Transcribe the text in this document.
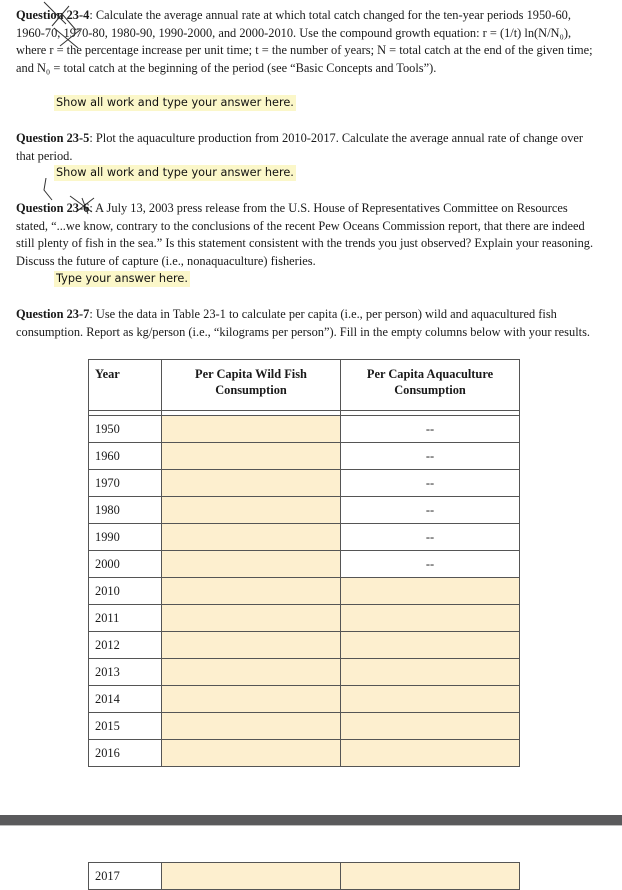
Question 23-4: Calculate the average annual rate at which total catch changed for the ten-year periods 1950-60, 1960-70, 1970-80, 1980-90, 1990-2000, and 2000-2010. Use the compound growth equation: r = (1/t) ln(N/N₀), where r = the percentage increase per unit time; t = the number of years; N = total catch at the end of the given time; and N₀ = total catch at the beginning of the period (see “Basic Concepts and Tools”).
Show all work and type your answer here.
Question 23-5: Plot the aquaculture production from 2010-2017. Calculate the average annual rate of change over that period.
Show all work and type your answer here.
Question 23-6: A July 13, 2003 press release from the U.S. House of Representatives Committee on Resources stated, “...we know, contrary to the conclusions of the recent Pew Oceans Commission report, that there are indeed still plenty of fish in the sea.” Is this statement consistent with the trends you just observed? Explain your reasoning. Discuss the future of capture (i.e., nonaquaculture) fisheries.
Type your answer here.
Question 23-7: Use the data in Table 23-1 to calculate per capita (i.e., per person) wild and aquacultured fish consumption. Report as kg/person (i.e., “kilograms per person”). Fill in the empty columns below with your results.
Year	Per Capita Wild Fish Consumption	Per Capita Aquaculture Consumption

1950		--
1960		--
1970		--
1980		--
1990		--
2000		--
2010		
2011		
2012		
2013		
2014		
2015		
2016		
2017		
